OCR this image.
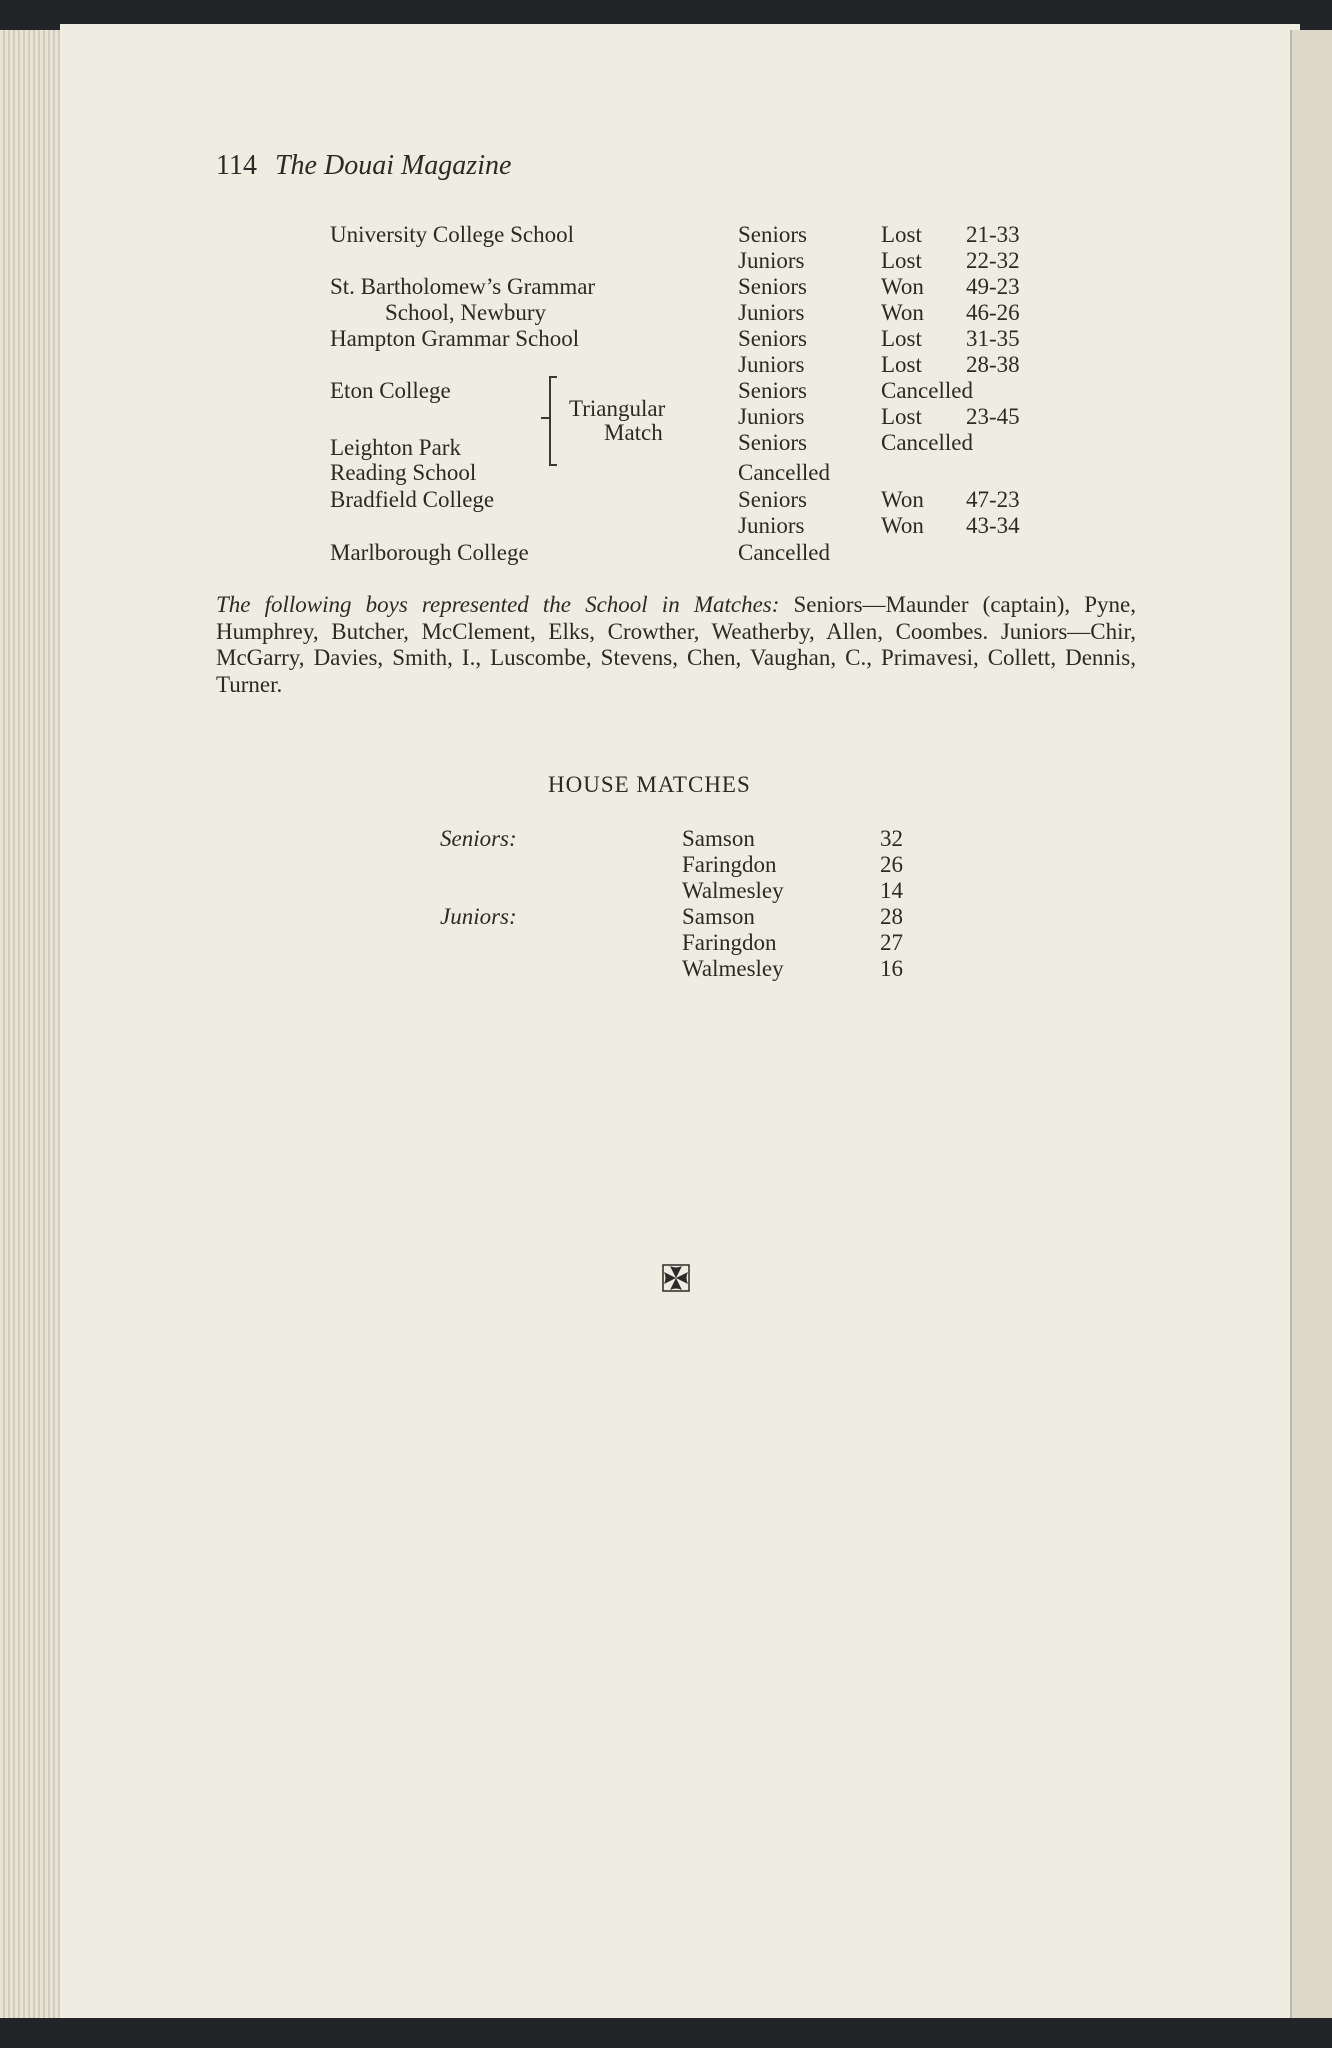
114 The Douai Magazine
University College School	Seniors	Lost 21-33
Juniors	Lost 22-32
St. Bartholomew’s Grammar	Seniors	Won 49-23
School, Newbury	Juniors	Won 46-26
Hampton Grammar School	Seniors	Lost 31-35
Juniors	Lost 28-38
Eton College	Seniors	Cancelled
Juniors	Lost 23-45
Leighton Park	Seniors	Cancelled
Reading School	Cancelled
Bradfield College	Seniors	Won 47-23
Juniors	Won 43-34
Marlborough College	Cancelled
Triangular
Match

The following boys represented the School in Matches: Seniors—Maunder (captain), Pyne, Humphrey, Butcher, McClement, Elks, Crowther, Weatherby, Allen, Coombes. Juniors—Chir, McGarry, Davies, Smith, I., Luscombe, Stevens, Chen, Vaughan, C., Primavesi, Collett, Dennis, Turner.

HOUSE MATCHES
Seniors:	Samson	32
Faringdon	26
Walmesley	14
Juniors:	Samson	28
Faringdon	27
Walmesley	16
